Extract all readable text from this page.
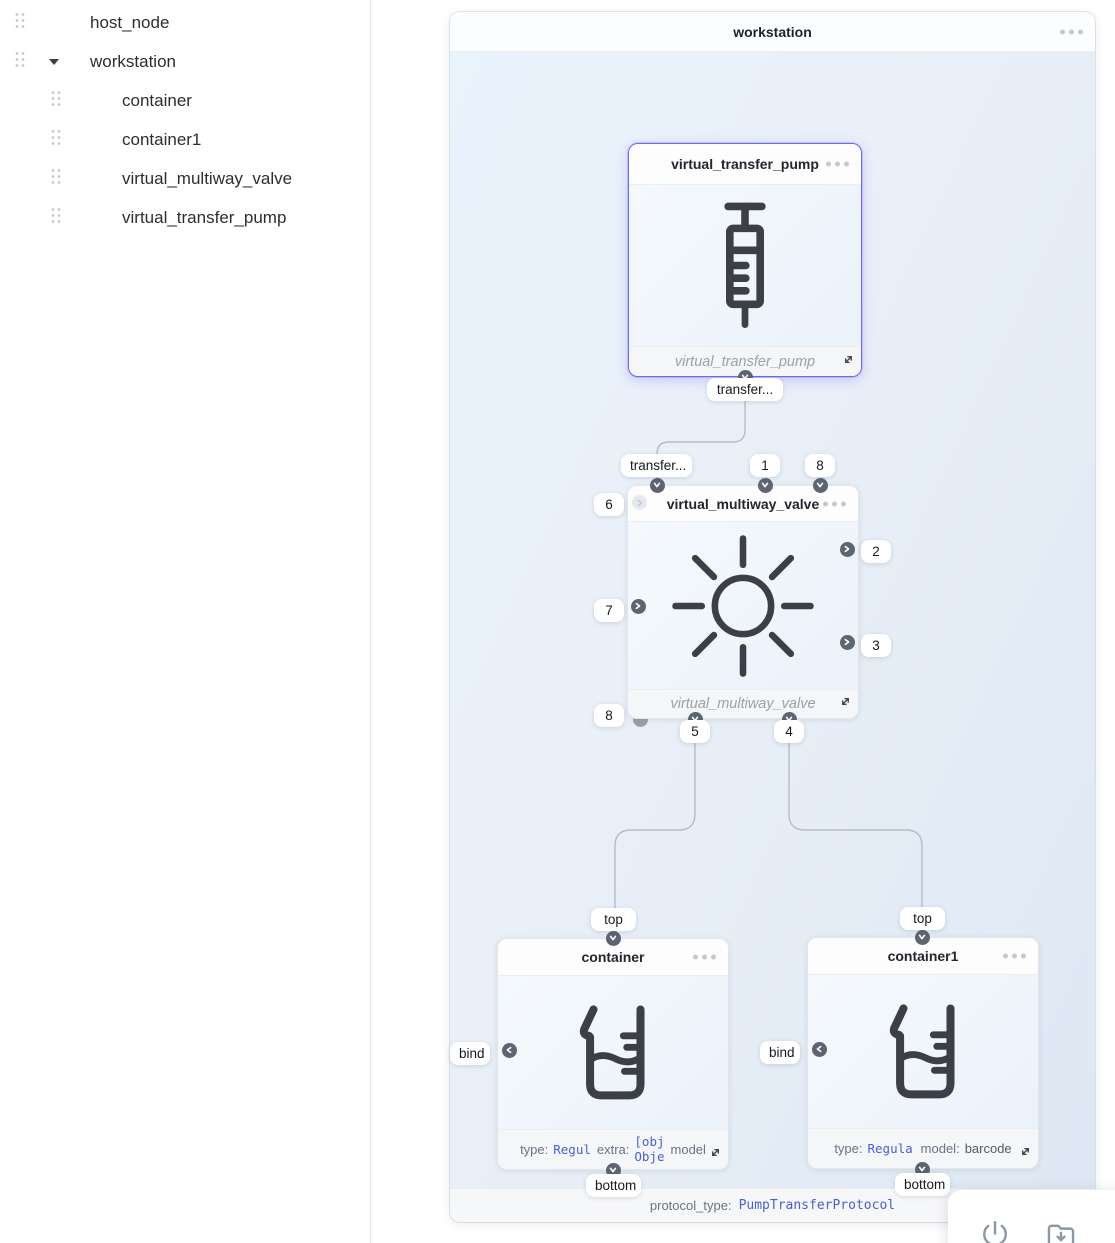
host_node
workstation
container
container1
virtual_multiway_valve
virtual_transfer_pump
workstation
virtual_transfer_pump
virtual_transfer_pump
transfer...
virtual_multiway_valve
virtual_multiway_valve
transfer...	1	8
6
7
2
3
8
5	4
container
type: Regul extra:
[obj
Obje model
top
bind
bottom
container1
type: Regula model: barcode
top
bind
bottom
protocol_type: PumpTransferProtocol
